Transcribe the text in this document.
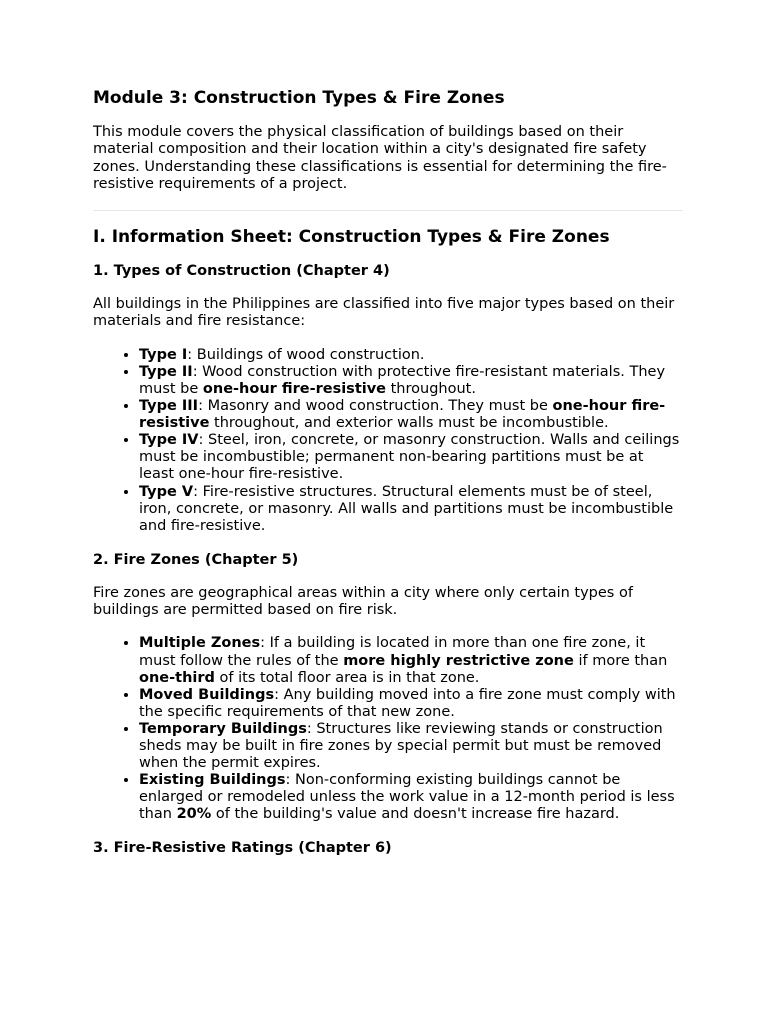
Module 3: Construction Types & Fire Zones

This module covers the physical classification of buildings based on their material composition and their location within a city's designated fire safety zones. Understanding these classifications is essential for determining the fire-resistive requirements of a project.

I. Information Sheet: Construction Types & Fire Zones
1. Types of Construction (Chapter 4)

All buildings in the Philippines are classified into five major types based on their materials and fire resistance:

• Type I: Buildings of wood construction.
• Type II: Wood construction with protective fire-resistant materials. They must be one-hour fire-resistive throughout.
• Type III: Masonry and wood construction. They must be one-hour fire-resistive throughout, and exterior walls must be incombustible.
• Type IV: Steel, iron, concrete, or masonry construction. Walls and ceilings must be incombustible; permanent non-bearing partitions must be at least one-hour fire-resistive.
• Type V: Fire-resistive structures. Structural elements must be of steel, iron, concrete, or masonry. All walls and partitions must be incombustible and fire-resistive.
2. Fire Zones (Chapter 5)

Fire zones are geographical areas within a city where only certain types of buildings are permitted based on fire risk.

• Multiple Zones: If a building is located in more than one fire zone, it must follow the rules of the more highly restrictive zone if more than one-third of its total floor area is in that zone.
• Moved Buildings: Any building moved into a fire zone must comply with the specific requirements of that new zone.
• Temporary Buildings: Structures like reviewing stands or construction sheds may be built in fire zones by special permit but must be removed when the permit expires.
• Existing Buildings: Non-conforming existing buildings cannot be enlarged or remodeled unless the work value in a 12-month period is less than 20% of the building's value and doesn't increase fire hazard.
3. Fire-Resistive Ratings (Chapter 6)
